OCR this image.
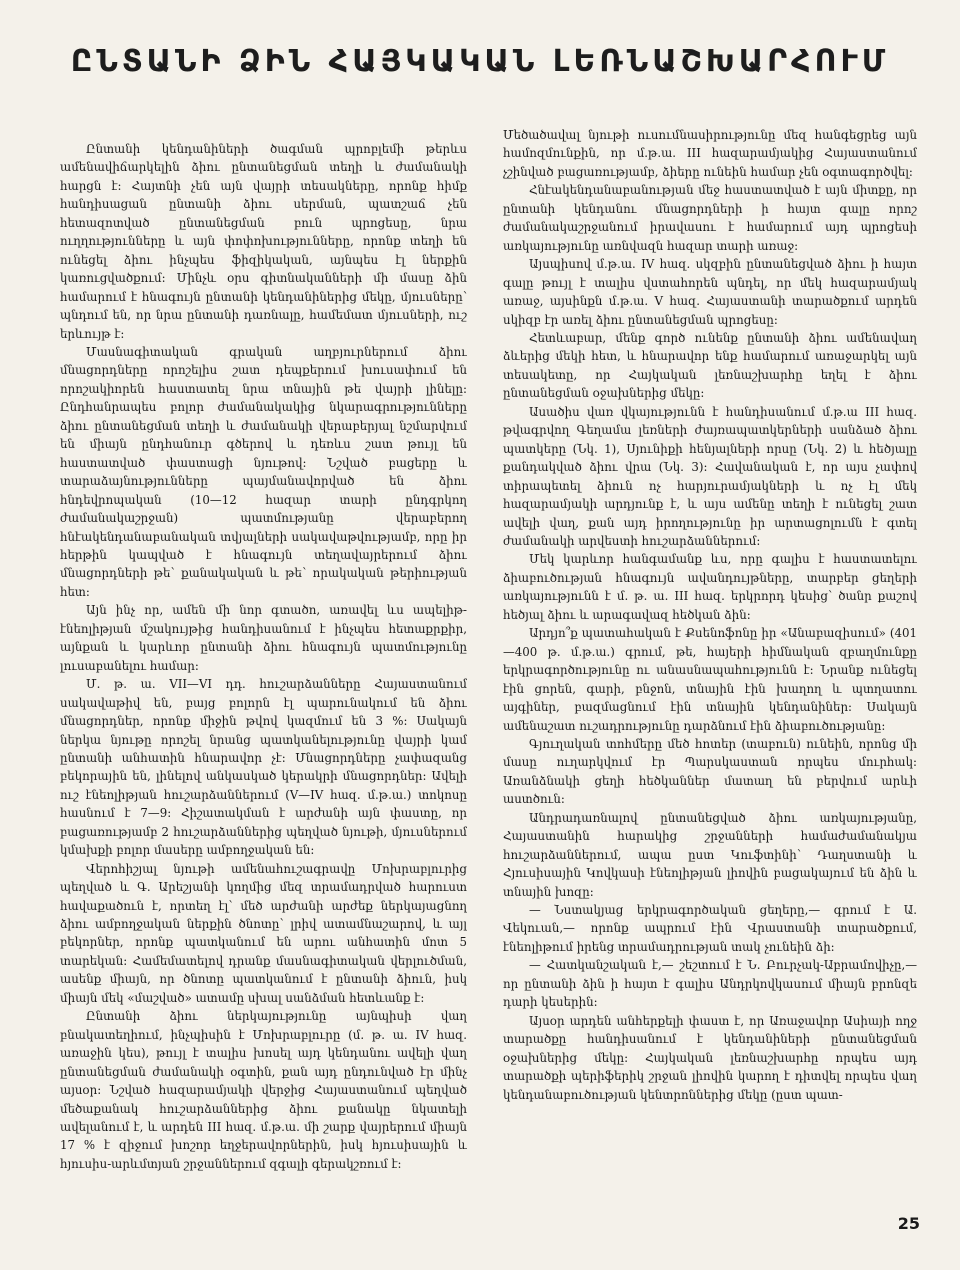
ԸՆՏԱՆԻ ՁԻՆ ՀԱՅԿԱԿԱՆ ԼԵՌՆԱՇԽԱՐՀՈՒՄ

Ընտանի կենդանիների ծագման պրոբլեմի թերևս ամենավիճարկելին ձիու ընտանեցման տեղի և ժամանակի հարցն է: Հայտնի չեն այն վայրի տեսակները, որոնք հիմք հանդիսացան ընտանի ձիու սերման, պատշաճ չեն հետազոտված ընտանեցման բուն պրոցեսը, նրա ուղղությունները և այն փոփոխությունները, որոնք տեղի են ունեցել ձիու ինչպես ֆիզիկական, այնպես էլ ներքին կառուցվածքում: Մինչև օրս գիտնականների մի մասը ձին համարում է հնագույն ընտանի կենդանիներից մեկը, մյուսները՝ պնդում են, որ նրա ընտանի դառնալը, համեմատ մյուսների, ուշ երևույթ է:

Մասնագիտական գրական աղբյուրներում ձիու մնացորդները որոշելիս շատ դեպքերում խուսափում են որոշակիորեն հաստատել նրա տնային թե վայրի լինելը: Ընդհանրապես բոլոր ժամանակակից նկարագրությունները ձիու ընտանեցման տեղի և ժամանակի վերաբերյալ նշմարվում են միայն ընդհանուր գծերով և դեռևս շատ թույլ են հաստատված փաստացի նյութով: Նշված բացերը և տարաձայնությունները պայմանավորված են ձիու հնդեվրոպական (10—12 հազար տարի ընդգրկող ժամանակաշրջան) պատմությանը վերաբերող հնէակենդանաբանական տվյալների սակավաթվությամբ, որը իր հերթին կապված է հնագույն տեղավայրերում ձիու մնացորդների թե՝ քանակական և թե՝ որակական թերիության հետ:

Այն ինչ որ, ամեն մի նոր գտածո, առավել ևս ապելիթ-էնեոլիթյան մշակույթից հանդիսանում է ինչպես հետաքրքիր, այնքան և կարևոր ընտանի ձիու հնագույն պատմությունը լուսաբանելու համար:

Մ. թ. ա. VII—VI դդ. հուշարձանները Հայաստանում սակավաթիվ են, բայց բոլորն էլ պարունակում են ձիու մնացորդներ, որոնք միջին թվով կազմում են 3 %: Սակայն ներկա նյութը որոշել նրանց պատկանելությունը վայրի կամ ընտանի անհատին հնարավոր չէ: Մնացորդները չափազանց բեկորային են, լինելով անկասկած կերակրի մնացորդներ: Ավելի ուշ էնեոլիթյան հուշարձաններում (V—IV հազ. մ.թ.ա.) տոկոսը հասնում է 7—9: Հիշատակման է արժանի այն փաստը, որ բացառությամբ 2 հուշարձաններից պեղված նյութի, մյուսներում կմախքի բոլոր մասերը ամբողջական են:

Վերոհիշյալ նյութի ամենահուշագրավը Մոխրաբլուրից պեղված և Գ. Արեշյանի կողմից մեզ տրամադրված հարուստ հավաքածուն է, որտեղ էլ՝ մեծ արժանի արժեք ներկայացնող ձիու ամբողջական ներքին ծնոտը՝ լրիվ ատամնաշարով, և այլ բեկորներ, որոնք պատկանում են արու անհատին մոտ 5 տարեկան: Համեմատելով դրանք մասնագիտական վերլուծման, ասենք միայն, որ ծնոտը պատկանում է ընտանի ձիուն, իսկ միայն մեկ «մաշված» ատամը սխալ սանձման հետևանք է:

Ընտանի ձիու ներկայությունը այնպիսի վաղ բնակատեղիում, ինչպիսին է Մոխրաբլուրը (մ. թ. ա. IV հազ. առաջին կես), թույլ է տալիս խոսել այդ կենդանու ավելի վաղ ընտանեցման ժամանակի օգտին, քան այդ ընդունված էր մինչ այսօր: Նշված հազարամյակի վերջից Հայաստանում պեղված մեծաքանակ հուշարձաններից ձիու քանակը նկատելի ավելանում է, և արդեն III հազ. մ.թ.ա. մի շարք վայրերում միայն 17 % է զիջում խոշոր եղջերավորներին, իսկ հյուսիսային և հյուսիս-արևմտյան շրջաններում զգալի գերակշռում է:

Մեծածավալ նյութի ուսումնասիրությունը մեզ հանգեցրեց այն համոզմունքին, որ մ.թ.ա. III հազարամյակից Հայաստանում չշինված բացառությամբ, ձիերը ունեին համար չեն օգտագործվել:

Հնէակենդանաբանության մեջ հաստատված է այն միտքը, որ ընտանի կենդանու մնացորդների ի հայտ գալը որոշ ժամանակաշրջանում իրավասու է համարում այդ պրոցեսի առկայությունը առնվազն հազար տարի առաջ:

Այսպիսով մ.թ.ա. IV հազ. սկզբին ընտանեցված ձիու ի հայտ գալը թույլ է տալիս վստահորեն պնդել, որ մեկ հազարամյակ առաջ, այսինքն մ.թ.ա. V հազ. Հայաստանի տարածքում արդեն սկիզբ էր առել ձիու ընտանեցման պրոցեսը:

Հետևաբար, մենք գործ ունենք ընտանի ձիու ամենավաղ ձևերից մեկի հետ, և հնարավոր ենք համարում առաջարկել այն տեսակետը, որ Հայկական լեռնաշխարհը եղել է ձիու ընտանեցման օջախներից մեկը:

Ասածիս վառ վկայությունն է հանդիսանում մ.թ.ա III հազ. թվագրվող Գեղամա լեռների ժայռապատկերների սանձած ձիու պատկերը (Նկ. 1), Սյունիքի հենյալների որսը (Նկ. 2) և հեծյալը քանդակված ձիու վրա (Նկ. 3): Հավանական է, որ այս չափով տիրապետել ձիուն ոչ հարյուրամյակների և ոչ էլ մեկ հազարամյակի արդյունք է, և այս ամենը տեղի է ունեցել շատ ավելի վաղ, քան այդ իրողությունը իր արտացոլումն է գտել ժամանակի արվեստի հուշարձաններում:

Մեկ կարևոր հանգամանք ևս, որը գալիս է հաստատելու ձիաբուծության հնագույն ավանդույթները, տարբեր ցեղերի առկայությունն է մ. թ. ա. III հազ. երկրորդ կեսից՝ ծանր քաշով հեծյալ ձիու և արագավազ հեծկան ձին:

Արդյո՞ք պատահական է Քսենոֆոնը իր «Անաբազիսում» (401—400 թ. մ.թ.ա.) գրում, թե, հայերի հիմնական զբաղմունքը երկրագործությունը ու անասնապահությունն է: Նրանք ունեցել էին ցորեն, գարի, բնջոն, տնային էին խաղող և պտղատու այգիներ, բազմացնում էին տնային կենդանիներ: Սակայն ամենաշատ ուշադրությունը դարձնում էին ձիաբուծությանը:

Գյուղական տոհմերը մեծ հոտեր (տաբուն) ունեին, որոնց մի մասը ուղարկվում էր Պարսկաստան որպես մուրհակ: Առանձնակի ցեղի հեծկաններ մատաղ են բերվում արևի աստծուն:

Անդրադառնալով ընտանեցված ձիու առկայությանը, Հայաստանին հարակից շրջանների համաժամանակյա հուշարձաններում, ապա ըստ Կուֆտինի՝ Դաղստանի և Հյուսիսային Կովկասի էնեոլիթյան լիովին բացակայում են ձին և տնային խոզը:

— Նստակյաց երկրագործական ցեղերը,— գրում է Ա. Վեկուան,— որոնք ապրում էին Վրաստանի տարածքում, էնեոլիթում իրենց տրամադրության տակ չունեին ձի:

— Հատկանշական է,— շեշտում է Ն. Բուրչակ-Աբրամովիչը,— որ ընտանի ձին ի հայտ է գալիս Անդրկովկասում միայն բրոնզե դարի կեսերին:

Այսօր արդեն անհերքելի փաստ է, որ Առաջավոր Ասիայի ողջ տարածքը հանդիսանում է կենդանիների ընտանեցման օջախներից մեկը: Հայկական լեռնաշխարհը որպես այդ տարածքի պերիֆերիկ շրջան լիովին կարող է դիտվել որպես վաղ կենդանաբուծության կենտրոններից մեկը (ըստ պատ-

25
